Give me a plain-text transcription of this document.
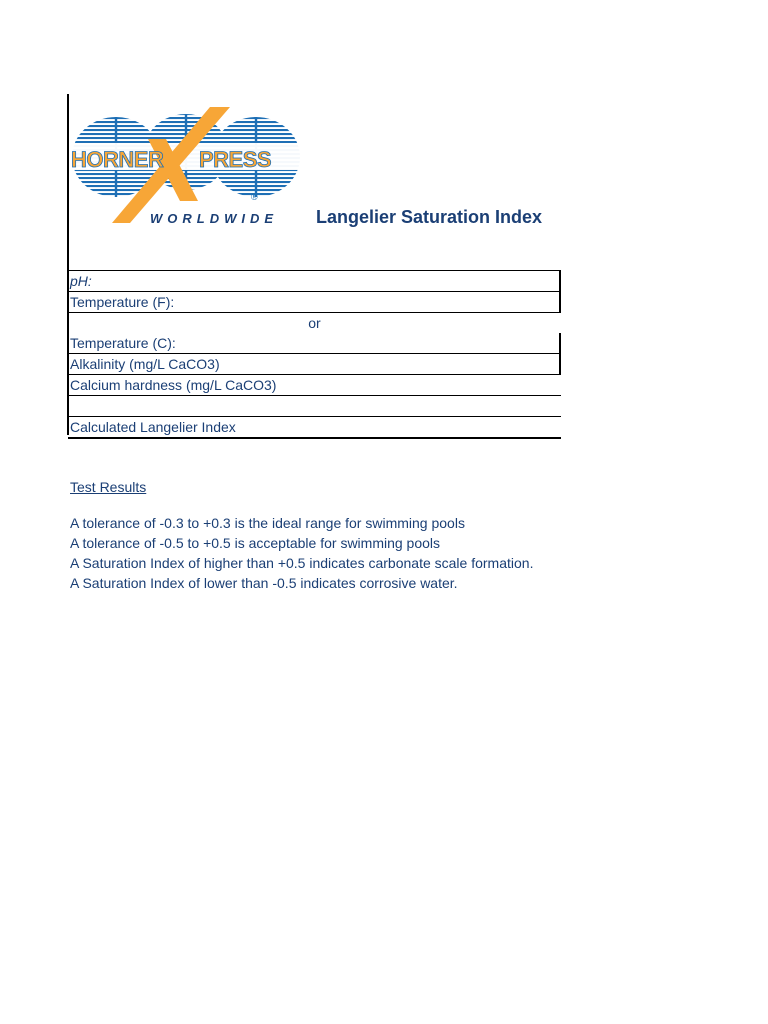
HORNER PRESS
®
WORLDWIDE Langelier Saturation Index
pH:
Temperature (F):
or
Temperature (C):
Alkalinity (mg/L CaCO3)
Calcium hardness (mg/L CaCO3)
Calculated Langelier Index
Test Results
A tolerance of -0.3 to +0.3 is the ideal range for swimming pools
A tolerance of -0.5 to +0.5 is acceptable for swimming pools
A Saturation Index of higher than +0.5 indicates carbonate scale formation.
A Saturation Index of lower than -0.5 indicates corrosive water.
